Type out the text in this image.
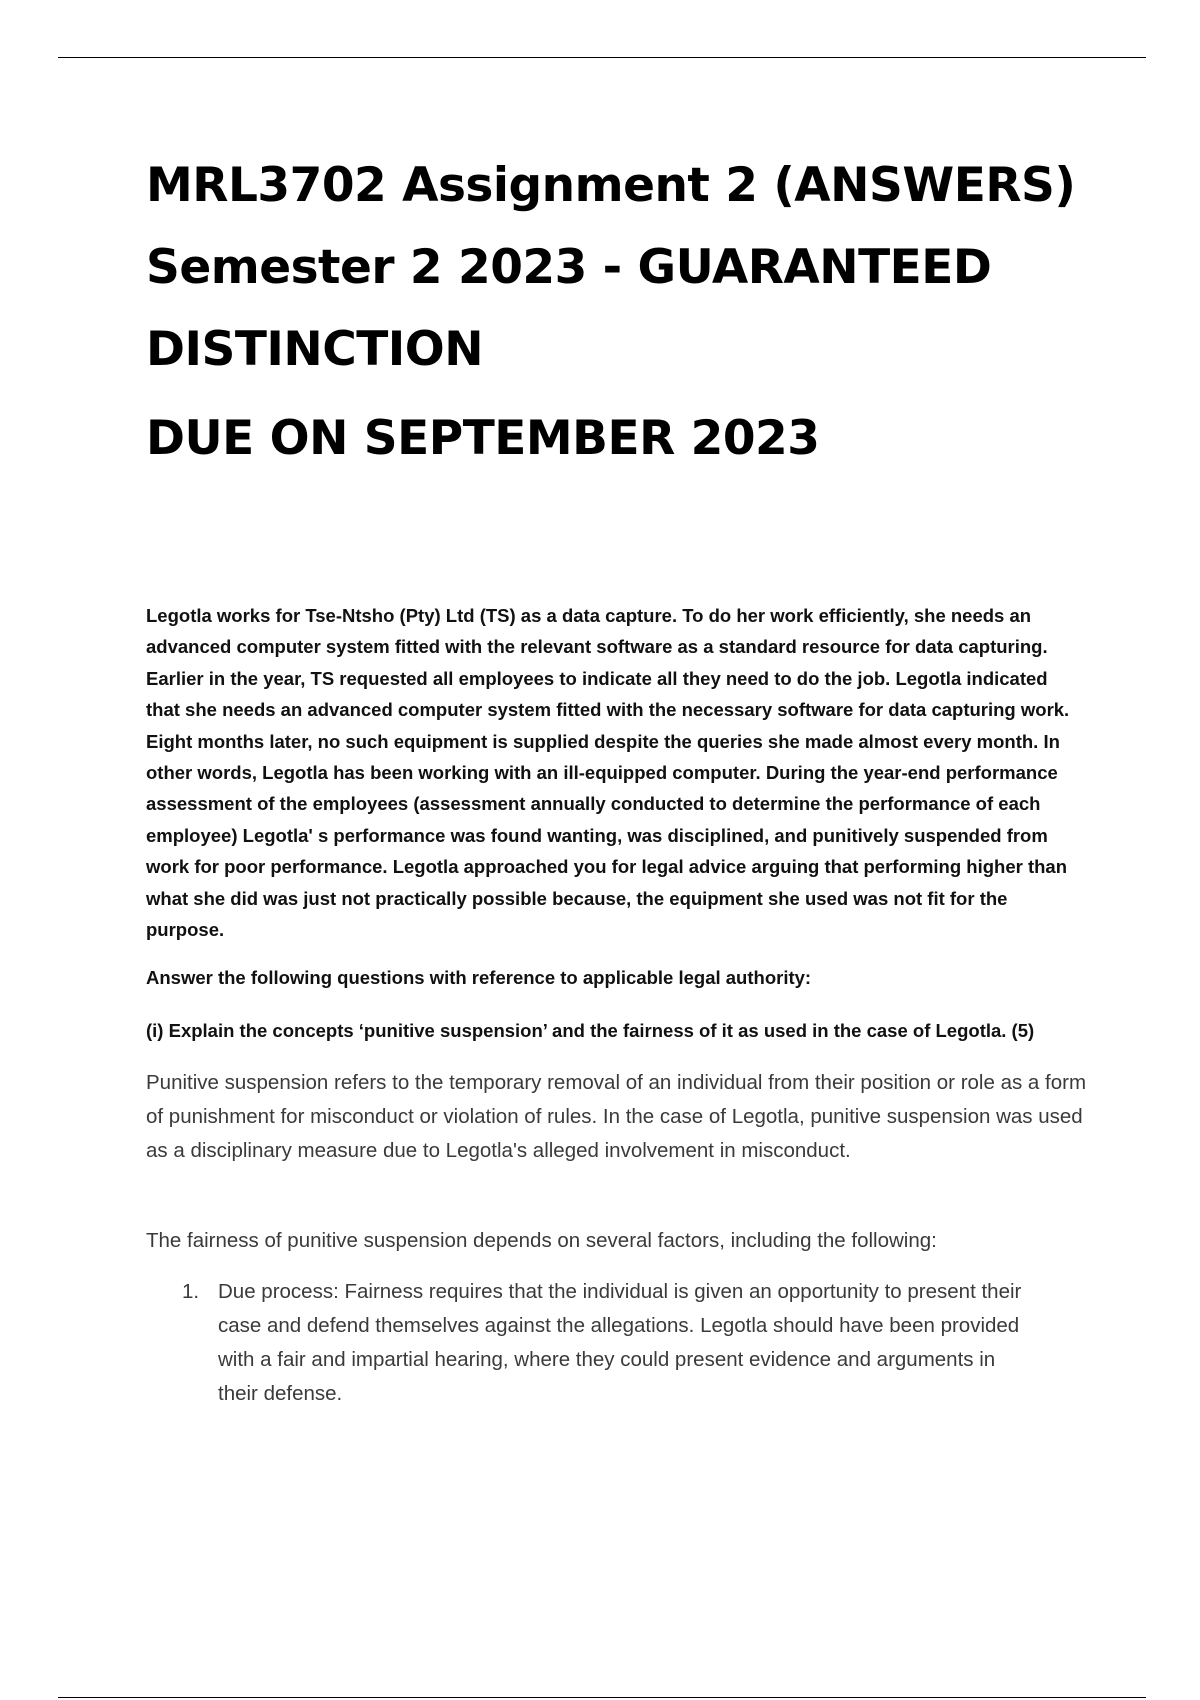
MRL3702 Assignment 2 (ANSWERS)

Semester 2 2023 - GUARANTEED

DISTINCTION

DUE ON SEPTEMBER 2023

Legotla works for Tse-Ntsho (Pty) Ltd (TS) as a data capture. To do her work efficiently, she needs an advanced computer system fitted with the relevant software as a standard resource for data capturing. Earlier in the year, TS requested all employees to indicate all they need to do the job. Legotla indicated that she needs an advanced computer system fitted with the necessary software for data capturing work. Eight months later, no such equipment is supplied despite the queries she made almost every month. In other words, Legotla has been working with an ill-equipped computer. During the year-end performance assessment of the employees (assessment annually conducted to determine the performance of each employee) Legotla' s performance was found wanting, was disciplined, and punitively suspended from work for poor performance. Legotla approached you for legal advice arguing that performing higher than what she did was just not practically possible because, the equipment she used was not fit for the purpose.

Answer the following questions with reference to applicable legal authority:

(i) Explain the concepts ‘punitive suspension’ and the fairness of it as used in the case of Legotla. (5)

Punitive suspension refers to the temporary removal of an individual from their position or role as a form of punishment for misconduct or violation of rules. In the case of Legotla, punitive suspension was used as a disciplinary measure due to Legotla's alleged involvement in misconduct.

The fairness of punitive suspension depends on several factors, including the following:

1. Due process: Fairness requires that the individual is given an opportunity to present their case and defend themselves against the allegations. Legotla should have been provided with a fair and impartial hearing, where they could present evidence and arguments in their defense.
